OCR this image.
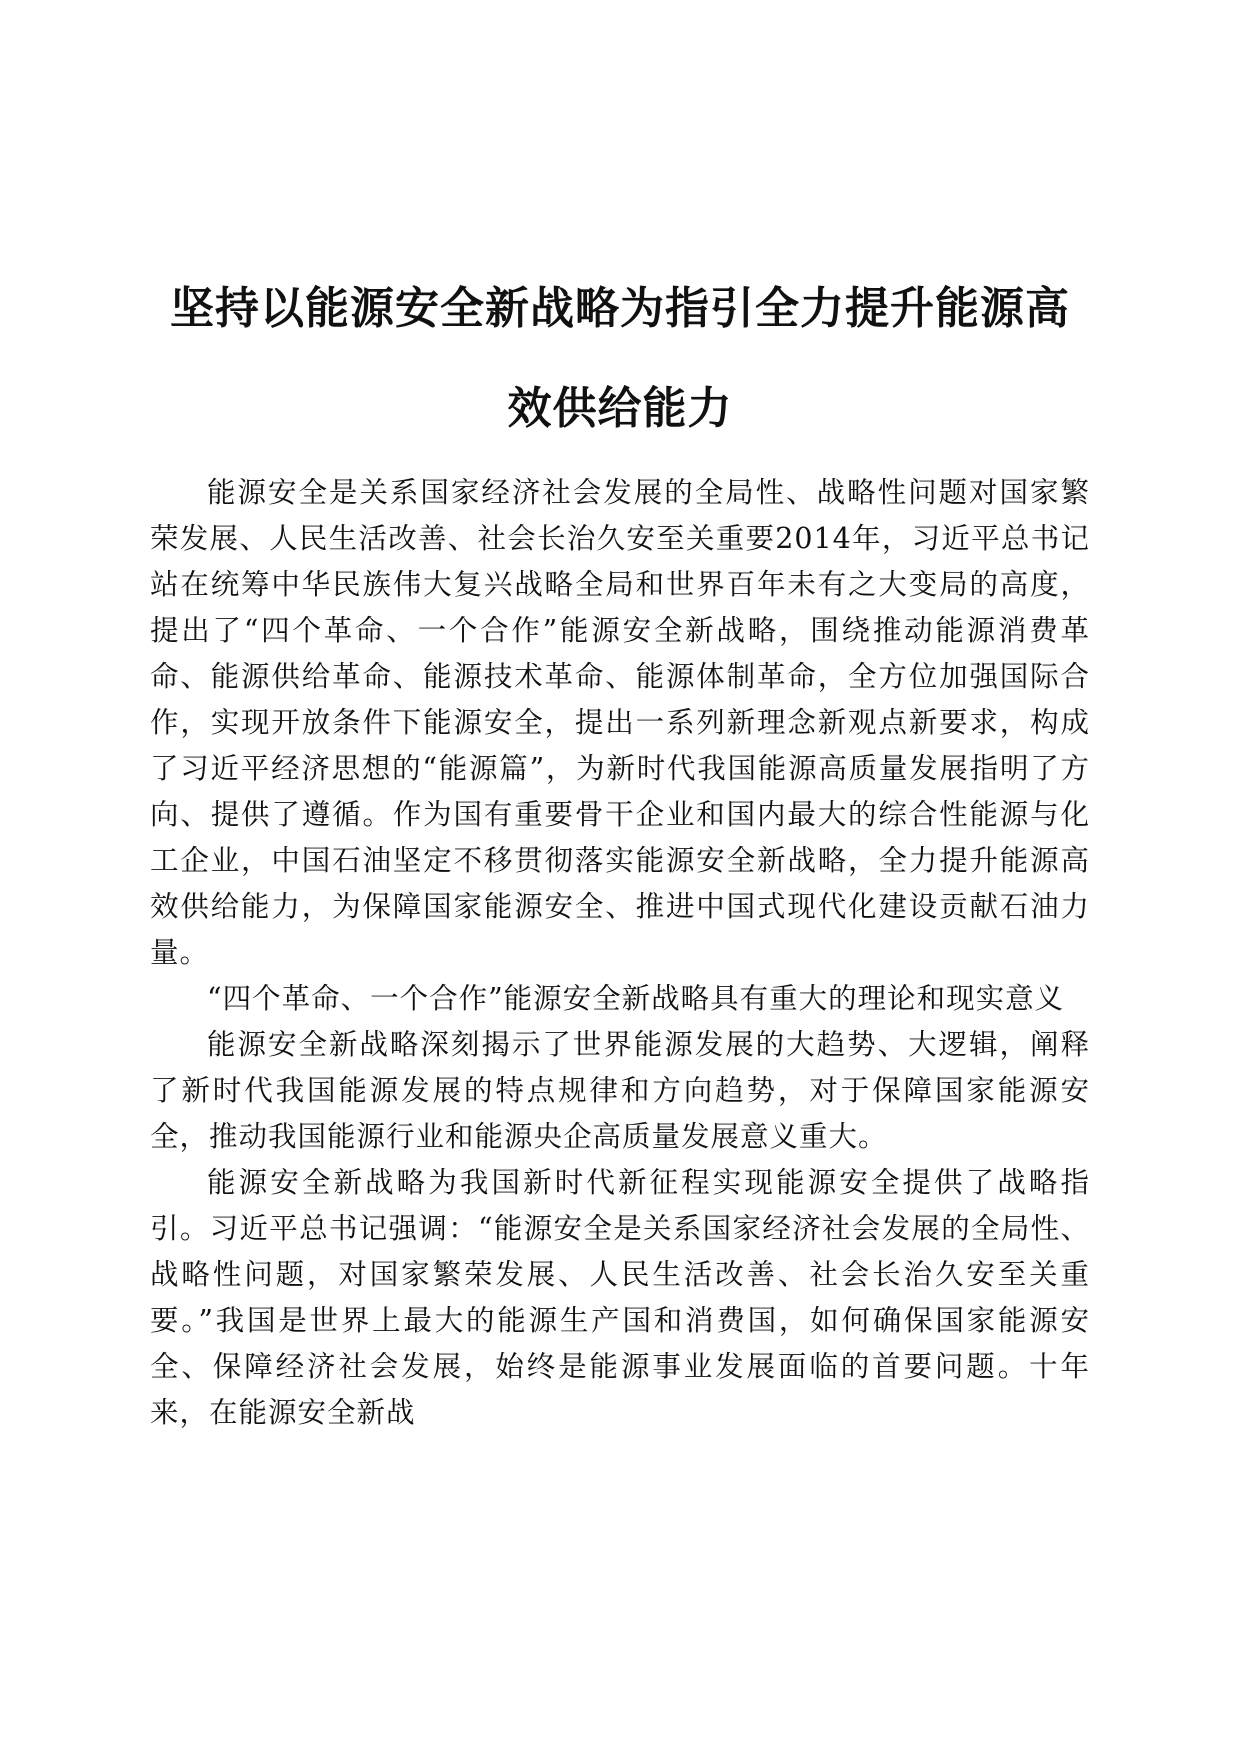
坚持以能源安全新战略为指引全力提升能源高
效供给能力

能源安全是关系国家经济社会发展的全局性、战略性问题对国家繁荣发展、人民生活改善、社会长治久安至关重要2014年，习近平总书记站在统筹中华民族伟大复兴战略全局和世界百年未有之大变局的高度，提出了“四个革命、一个合作”能源安全新战略，围绕推动能源消费革命、能源供给革命、能源技术革命、能源体制革命，全方位加强国际合作，实现开放条件下能源安全，提出一系列新理念新观点新要求，构成了习近平经济思想的“能源篇”，为新时代我国能源高质量发展指明了方向、提供了遵循。作为国有重要骨干企业和国内最大的综合性能源与化工企业，中国石油坚定不移贯彻落实能源安全新战略，全力提升能源高效供给能力，为保障国家能源安全、推进中国式现代化建设贡献石油力量。

“四个革命、一个合作”能源安全新战略具有重大的理论和现实意义

能源安全新战略深刻揭示了世界能源发展的大趋势、大逻辑，阐释了新时代我国能源发展的特点规律和方向趋势，对于保障国家能源安全，推动我国能源行业和能源央企高质量发展意义重大。

能源安全新战略为我国新时代新征程实现能源安全提供了战略指引。习近平总书记强调：“能源安全是关系国家经济社会发展的全局性、战略性问题，对国家繁荣发展、人民生活改善、社会长治久安至关重要。”我国是世界上最大的能源生产国和消费国，如何确保国家能源安全、保障经济社会发展，始终是能源事业发展面临的首要问题。十年来，在能源安全新战
